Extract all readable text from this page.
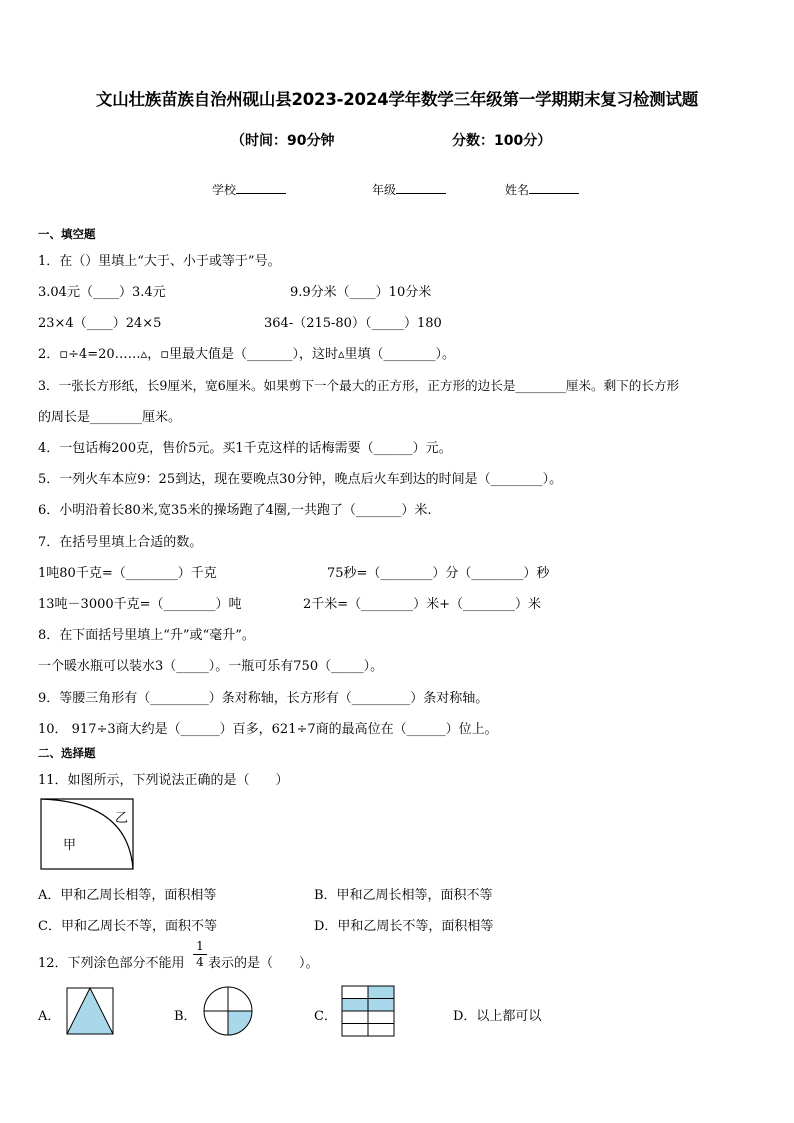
文山壮族苗族自治州砚山县2023-2024学年数学三年级第一学期期末复习检测试题
（时间：90分钟	分数：100分）
学校	年级	姓名
一、填空题
1．在（）里填上“大于、小于或等于”号。
3.04元（____）3.4元	9.9分米（____）10分米
23×4（____）24×5	364-（215-80）（_____）180
2．▫÷4=20……▵，▫里最大值是（_______），这时▵里填（________）。
3．一张长方形纸，长9厘米，宽6厘米。如果剪下一个最大的正方形，正方形的边长是________厘米。剩下的长方形
的周长是________厘米。
4．一包话梅200克，售价5元。买1千克这样的话梅需要（______）元。
5．一列火车本应9：25到达，现在要晚点30分钟，晚点后火车到达的时间是（________）。
6．小明沿着长80米,宽35米的操场跑了4圈,一共跑了（_______）米.
7．在括号里填上合适的数。
1吨80千克=（________）千克	75秒=（________）分（________）秒
13吨－3000千克=（________）吨	2千米=（________）米+（________）米
8．在下面括号里填上“升”或“毫升”。
一个暖水瓶可以装水3（_____）。一瓶可乐有750（_____）。
9．等腰三角形有（_________）条对称轴，长方形有（_________）条对称轴。
10． 917÷3商大约是（______）百多，621÷7商的最高位在（______）位上。
二、选择题
11．如图所示，下列说法正确的是（　　）
甲
乙
A．甲和乙周长相等，面积相等	B．甲和乙周长相等，面积不等
C．甲和乙周长不等，面积不等	D．甲和乙周长不等，面积相等
12．下列涂色部分不能用
1
4 表示的是（　　）。
A．	B．	C．	D．以上都可以
